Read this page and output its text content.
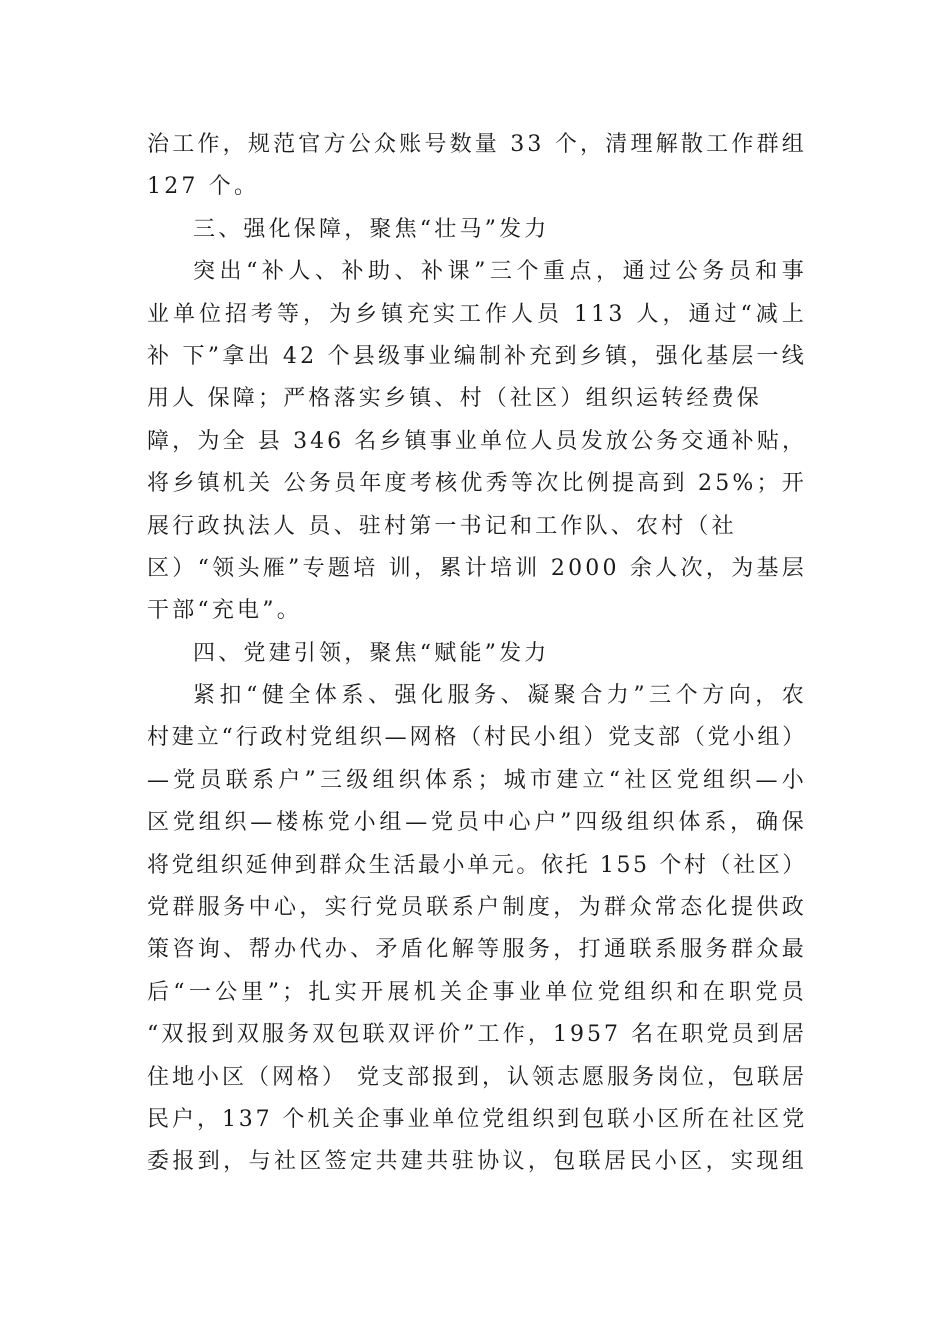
治工作，规范官方公众账号数量 33 个，清理解散工作群组
127 个。
三、强化保障，聚焦“壮马”发力
突出“补人、补助、补课”三个重点，通过公务员和事
业单位招考等，为乡镇充实工作人员 113 人，通过“减上
补 下”拿出 42 个县级事业编制补充到乡镇，强化基层一线
用人 保障；严格落实乡镇、村（社区）组织运转经费保
障，为全 县 346 名乡镇事业单位人员发放公务交通补贴，
将乡镇机关 公务员年度考核优秀等次比例提高到 25%；开
展行政执法人 员、驻村第一书记和工作队、农村（社
区）“领头雁”专题培 训，累计培训 2000 余人次，为基层
干部“充电”。
四、党建引领，聚焦“赋能”发力
紧扣“健全体系、强化服务、凝聚合力”三个方向，农
村建立“行政村党组织—网格（村民小组）党支部（党小组）
—党员联系户”三级组织体系；城市建立“社区党组织—小
区党组织—楼栋党小组—党员中心户”四级组织体系，确保
将党组织延伸到群众生活最小单元。依托 155 个村（社区）
党群服务中心，实行党员联系户制度，为群众常态化提供政
策咨询、帮办代办、矛盾化解等服务，打通联系服务群众最
后“一公里”；扎实开展机关企事业单位党组织和在职党员
“双报到双服务双包联双评价”工作，1957 名在职党员到居
住地小区（网格） 党支部报到，认领志愿服务岗位，包联居
民户，137 个机关企事业单位党组织到包联小区所在社区党
委报到，与社区签定共建共驻协议，包联居民小区，实现组
